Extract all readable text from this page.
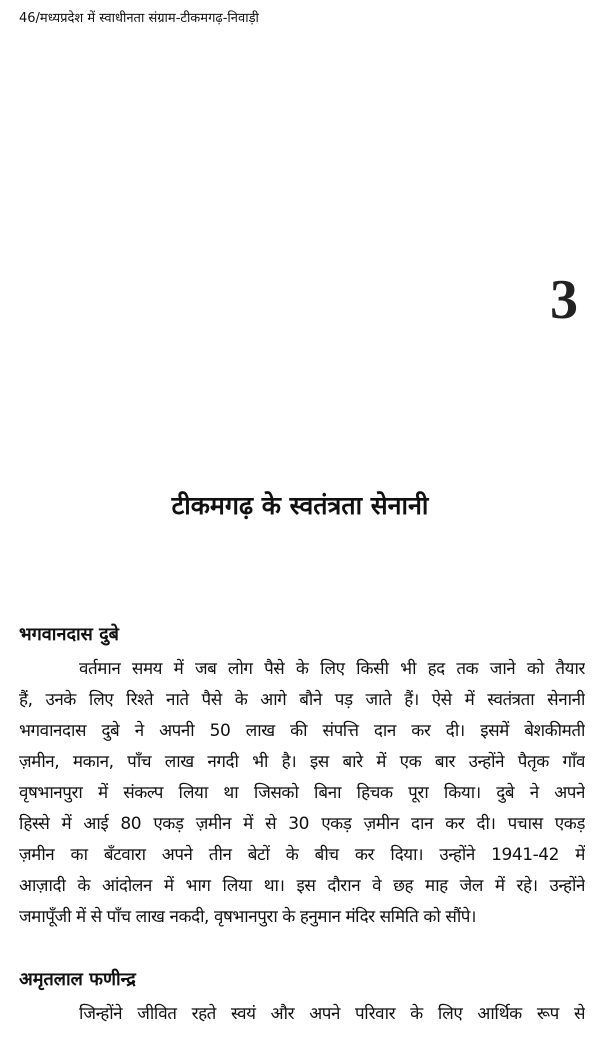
46/मध्यप्रदेश में स्वाधीनता संग्राम-टीकमगढ़-निवाड़ी
3
टीकमगढ़ के स्वतंत्रता सेनानी
भगवानदास दुबे
वर्तमान समय में जब लोग पैसे के लिए किसी भी हद तक जाने को तैयार
हैं, उनके लिए रिश्ते नाते पैसे के आगे बौने पड़ जाते हैं। ऐसे में स्वतंत्रता सेनानी
भगवानदास दुबे ने अपनी 50 लाख की संपत्ति दान कर दी। इसमें बेशकीमती
ज़मीन, मकान, पाँच लाख नगदी भी है। इस बारे में एक बार उन्होंने पैतृक गाँव
वृषभानपुरा में संकल्प लिया था जिसको बिना हिचक पूरा किया। दुबे ने अपने
हिस्से में आई 80 एकड़ ज़मीन में से 30 एकड़ ज़मीन दान कर दी। पचास एकड़
ज़मीन का बँटवारा अपने तीन बेटों के बीच कर दिया। उन्होंने 1941-42 में
आज़ादी के आंदोलन में भाग लिया था। इस दौरान वे छह माह जेल में रहे। उन्होंने
जमापूँजी में से पाँच लाख नकदी, वृषभानपुरा के हनुमान मंदिर समिति को सौंपे।
अमृतलाल फणीन्द्र
जिन्होंने जीवित रहते स्वयं और अपने परिवार के लिए आर्थिक रूप से
